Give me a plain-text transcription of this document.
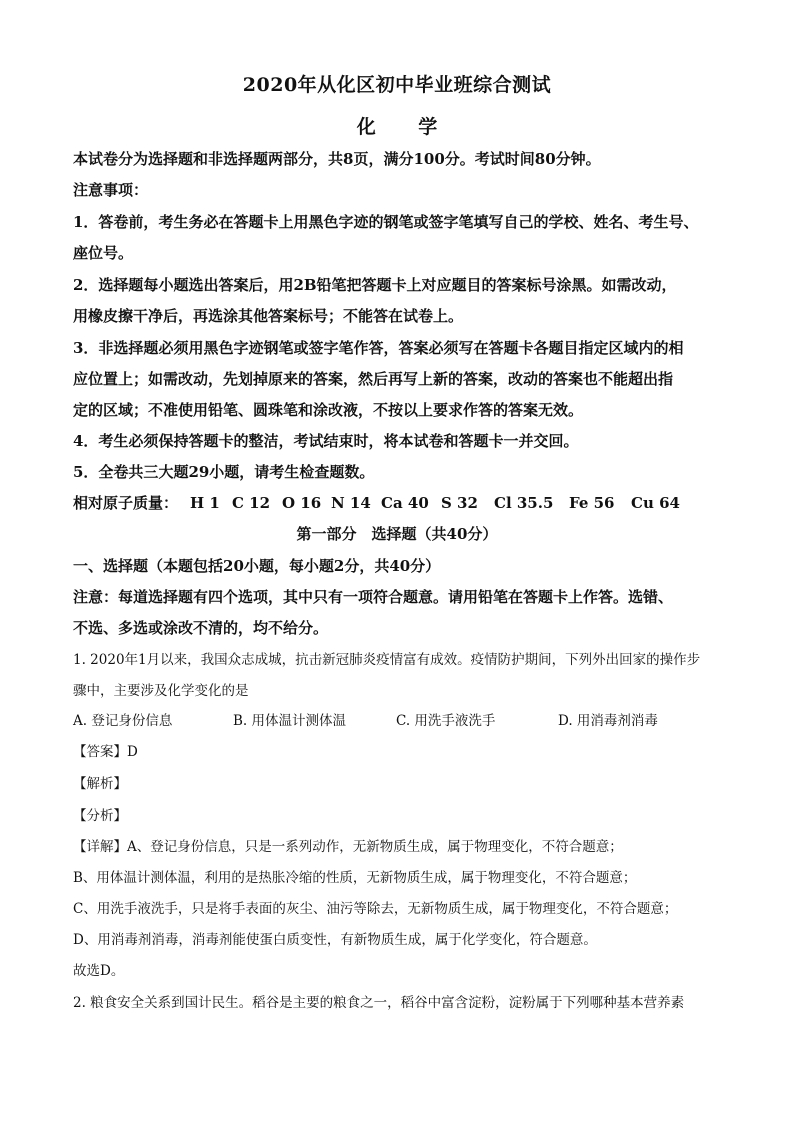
2020年从化区初中毕业班综合测试
化 学
本试卷分为选择题和非选择题两部分，共8页，满分100分。考试时间80分钟。
注意事项：
1．答卷前，考生务必在答题卡上用黑色字迹的钢笔或签字笔填写自己的学校、姓名、考生号、
座位号。
2．选择题每小题选出答案后，用2B铅笔把答题卡上对应题目的答案标号涂黑。如需改动，
用橡皮擦干净后，再选涂其他答案标号；不能答在试卷上。
3．非选择题必须用黑色字迹钢笔或签字笔作答，答案必须写在答题卡各题目指定区域内的相
应位置上；如需改动，先划掉原来的答案，然后再写上新的答案，改动的答案也不能超出指
定的区域；不准使用铅笔、圆珠笔和涂改液，不按以上要求作答的答案无效。
4．考生必须保持答题卡的整洁，考试结束时，将本试卷和答题卡一并交回。
5．全卷共三大题29小题，请考生检查题数。
相对原子质量： H 1 C 12 O 16 N 14 Ca 40 S 32 Cl 35.5 Fe 56 Cu 64
第一部分　选择题（共40分）
一、选择题（本题包括20小题，每小题2分，共40分）
注意：每道选择题有四个选项，其中只有一项符合题意。请用铅笔在答题卡上作答。选错、
不选、多选或涂改不清的，均不给分。
1. 2020年1月以来，我国众志成城，抗击新冠肺炎疫情富有成效。疫情防护期间，下列外出回家的操作步
骤中，主要涉及化学变化的是
A. 登记身份信息	B. 用体温计测体温	C. 用洗手液洗手	D. 用消毒剂消毒
【答案】D
【解析】
【分析】
【详解】A、登记身份信息，只是一系列动作，无新物质生成，属于物理变化，不符合题意；
B、用体温计测体温，利用的是热胀冷缩的性质，无新物质生成，属于物理变化，不符合题意；
C、用洗手液洗手，只是将手表面的灰尘、油污等除去，无新物质生成，属于物理变化，不符合题意；
D、用消毒剂消毒，消毒剂能使蛋白质变性，有新物质生成，属于化学变化，符合题意。
故选D。
2. 粮食安全关系到国计民生。稻谷是主要的粮食之一，稻谷中富含淀粉，淀粉属于下列哪种基本营养素
